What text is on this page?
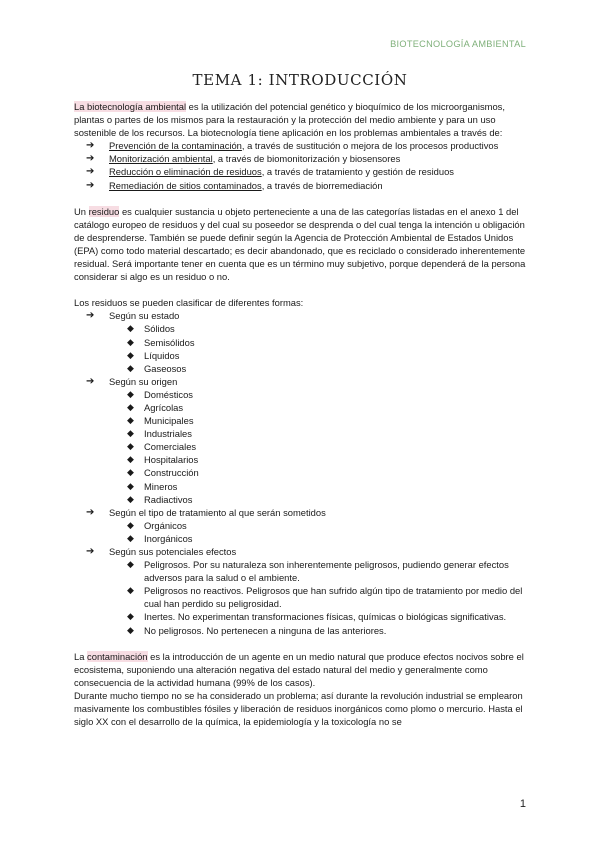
BIOTECNOLOGÍA AMBIENTAL
TEMA 1: INTRODUCCIÓN

La biotecnología ambiental es la utilización del potencial genético y bioquímico de los microorganismos, plantas o partes de los mismos para la restauración y la protección del medio ambiente y para un uso sostenible de los recursos. La biotecnología tiene aplicación en los problemas ambientales a través de:

➔ Prevención de la contaminación, a través de sustitución o mejora de los procesos productivos
➔ Monitorización ambiental, a través de biomonitorización y biosensores
➔ Reducción o eliminación de residuos, a través de tratamiento y gestión de residuos
➔ Remediación de sitios contaminados, a través de biorremediación

Un residuo es cualquier sustancia u objeto perteneciente a una de las categorías listadas en el anexo 1 del catálogo europeo de residuos y del cual su poseedor se desprenda o del cual tenga la intención u obligación de desprenderse. También se puede definir según la Agencia de Protección Ambiental de Estados Unidos (EPA) como todo material descartado; es decir abandonado, que es reciclado o considerado inherentemente residual. Será importante tener en cuenta que es un término muy subjetivo, porque dependerá de la persona considerar si algo es un residuo o no.

Los residuos se pueden clasificar de diferentes formas:

➔ Según su estado
◆ Sólidos
◆ Semisólidos
◆ Líquidos
◆ Gaseosos
➔ Según su origen
◆ Domésticos
◆ Agrícolas
◆ Municipales
◆ Industriales
◆ Comerciales
◆ Hospitalarios
◆ Construcción
◆ Mineros
◆ Radiactivos
➔ Según el tipo de tratamiento al que serán sometidos
◆ Orgánicos
◆ Inorgánicos
➔ Según sus potenciales efectos
◆ Peligrosos. Por su naturaleza son inherentemente peligrosos, pudiendo generar efectos adversos para la salud o el ambiente.
◆ Peligrosos no reactivos. Peligrosos que han sufrido algún tipo de tratamiento por medio del cual han perdido su peligrosidad.
◆ Inertes. No experimentan transformaciones físicas, químicas o biológicas significativas.
◆ No peligrosos. No pertenecen a ninguna de las anteriores.

La contaminación es la introducción de un agente en un medio natural que produce efectos nocivos sobre el ecosistema, suponiendo una alteración negativa del estado natural del medio y generalmente como consecuencia de la actividad humana (99% de los casos).

Durante mucho tiempo no se ha considerado un problema; así durante la revolución industrial se emplearon masivamente los combustibles fósiles y liberación de residuos inorgánicos como plomo o mercurio. Hasta el siglo XX con el desarrollo de la química, la epidemiología y la toxicología no se

1
